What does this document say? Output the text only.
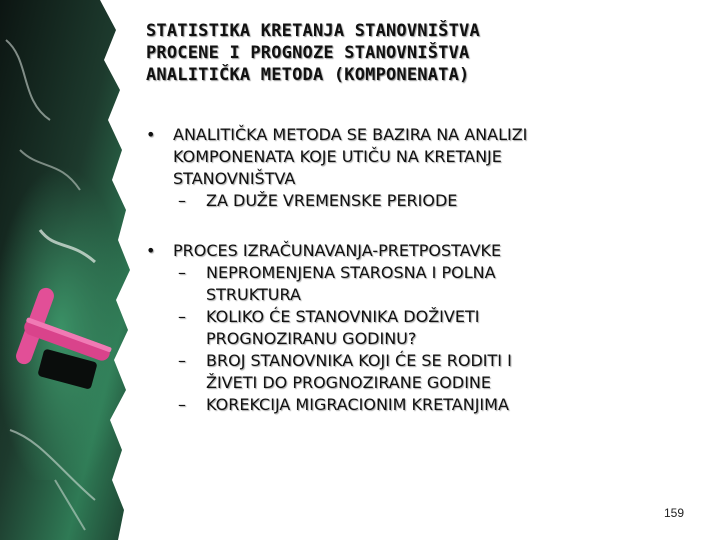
STATISTIKA KRETANJA STANOVNIŠTVA
PROCENE I PROGNOZE STANOVNIŠTVA
ANALITIČKA METODA (KOMPONENATA)
•	ANALITIČKA METODA SE BAZIRA NA ANALIZI
KOMPONENATA KOJE UTIČU NA KRETANJE
STANOVNIŠTVA
– ZA DUŽE VREMENSKE PERIODE
•	PROCES IZRAČUNAVANJA-PRETPOSTAVKE
– NEPROMENJENA STAROSNA I POLNA
STRUKTURA
– KOLIKO ĆE STANOVNIKA DOŽIVETI
PROGNOZIRANU GODINU?
– BROJ STANOVNIKA KOJI ĆE SE RODITI I
ŽIVETI DO PROGNOZIRANE GODINE
– KOREKCIJA MIGRACIONIM KRETANJIMA
159
